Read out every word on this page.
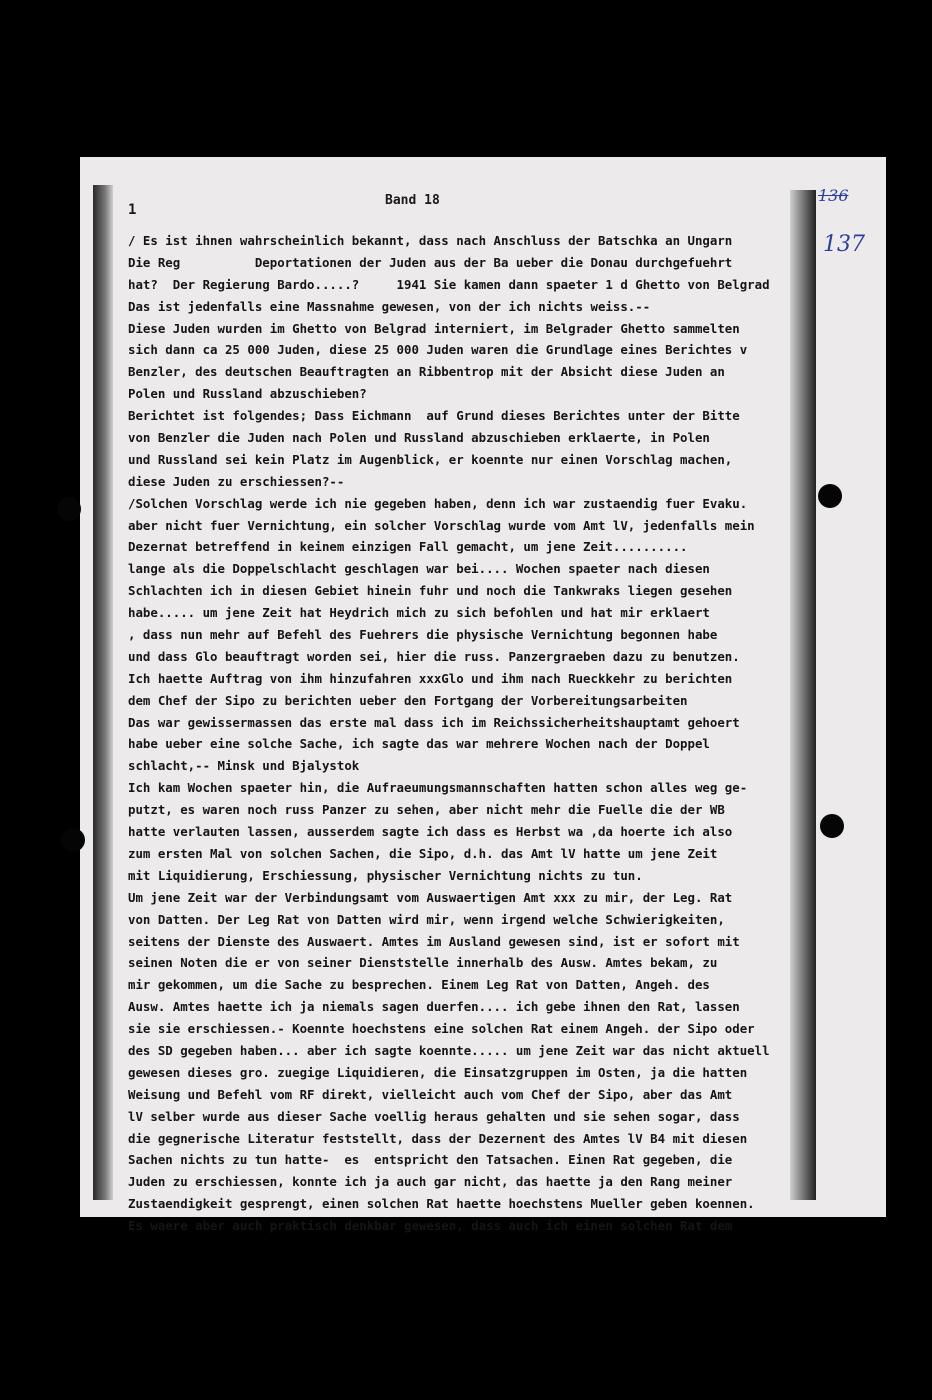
1
Band 18	136
137
/ Es ist ihnen wahrscheinlich bekannt, dass nach Anschluss der Batschka an Ungarn
Die Reg          Deportationen der Juden aus der Ba ueber die Donau durchgefuehrt
hat?  Der Regierung Bardo.....?     1941 Sie kamen dann spaeter 1 d Ghetto von Belgrad
Das ist jedenfalls eine Massnahme gewesen, von der ich nichts weiss.--
Diese Juden wurden im Ghetto von Belgrad interniert, im Belgrader Ghetto sammelten
sich dann ca 25 000 Juden, diese 25 000 Juden waren die Grundlage eines Berichtes v
Benzler, des deutschen Beauftragten an Ribbentrop mit der Absicht diese Juden an
Polen und Russland abzuschieben?
Berichtet ist folgendes; Dass Eichmann  auf Grund dieses Berichtes unter der Bitte
von Benzler die Juden nach Polen und Russland abzuschieben erklaerte, in Polen
und Russland sei kein Platz im Augenblick, er koennte nur einen Vorschlag machen,
diese Juden zu erschiessen?--
/Solchen Vorschlag werde ich nie gegeben haben, denn ich war zustaendig fuer Evaku.
aber nicht fuer Vernichtung, ein solcher Vorschlag wurde vom Amt lV, jedenfalls mein
Dezernat betreffend in keinem einzigen Fall gemacht, um jene Zeit..........
lange als die Doppelschlacht geschlagen war bei.... Wochen spaeter nach diesen
Schlachten ich in diesen Gebiet hinein fuhr und noch die Tankwraks liegen gesehen
habe..... um jene Zeit hat Heydrich mich zu sich befohlen und hat mir erklaert
, dass nun mehr auf Befehl des Fuehrers die physische Vernichtung begonnen habe
und dass Glo beauftragt worden sei, hier die russ. Panzergraeben dazu zu benutzen.
Ich haette Auftrag von ihm hinzufahren xxxGlo und ihm nach Rueckkehr zu berichten
dem Chef der Sipo zu berichten ueber den Fortgang der Vorbereitungsarbeiten
Das war gewissermassen das erste mal dass ich im Reichssicherheitshauptamt gehoert
habe ueber eine solche Sache, ich sagte das war mehrere Wochen nach der Doppel
schlacht,-- Minsk und Bjalystok
Ich kam Wochen spaeter hin, die Aufraeumungsmannschaften hatten schon alles weg ge-
putzt, es waren noch russ Panzer zu sehen, aber nicht mehr die Fuelle die der WB
hatte verlauten lassen, ausserdem sagte ich dass es Herbst wa ,da hoerte ich also
zum ersten Mal von solchen Sachen, die Sipo, d.h. das Amt lV hatte um jene Zeit
mit Liquidierung, Erschiessung, physischer Vernichtung nichts zu tun.
Um jene Zeit war der Verbindungsamt vom Auswaertigen Amt xxx zu mir, der Leg. Rat
von Datten. Der Leg Rat von Datten wird mir, wenn irgend welche Schwierigkeiten,
seitens der Dienste des Auswaert. Amtes im Ausland gewesen sind, ist er sofort mit
seinen Noten die er von seiner Dienststelle innerhalb des Ausw. Amtes bekam, zu
mir gekommen, um die Sache zu besprechen. Einem Leg Rat von Datten, Angeh. des
Ausw. Amtes haette ich ja niemals sagen duerfen.... ich gebe ihnen den Rat, lassen
sie sie erschiessen.- Koennte hoechstens eine solchen Rat einem Angeh. der Sipo oder
des SD gegeben haben... aber ich sagte koennte..... um jene Zeit war das nicht aktuell
gewesen dieses gro. zuegige Liquidieren, die Einsatzgruppen im Osten, ja die hatten
Weisung und Befehl vom RF direkt, vielleicht auch vom Chef der Sipo, aber das Amt
lV selber wurde aus dieser Sache voellig heraus gehalten und sie sehen sogar, dass
die gegnerische Literatur feststellt, dass der Dezernent des Amtes lV B4 mit diesen
Sachen nichts zu tun hatte-  es  entspricht den Tatsachen. Einen Rat gegeben, die
Juden zu erschiessen, konnte ich ja auch gar nicht, das haette ja den Rang meiner
Zustaendigkeit gesprengt, einen solchen Rat haette hoechstens Mueller geben koennen.
Es waere aber auch praktisch denkbar gewesen, dass auch ich einen solchen Rat dem
